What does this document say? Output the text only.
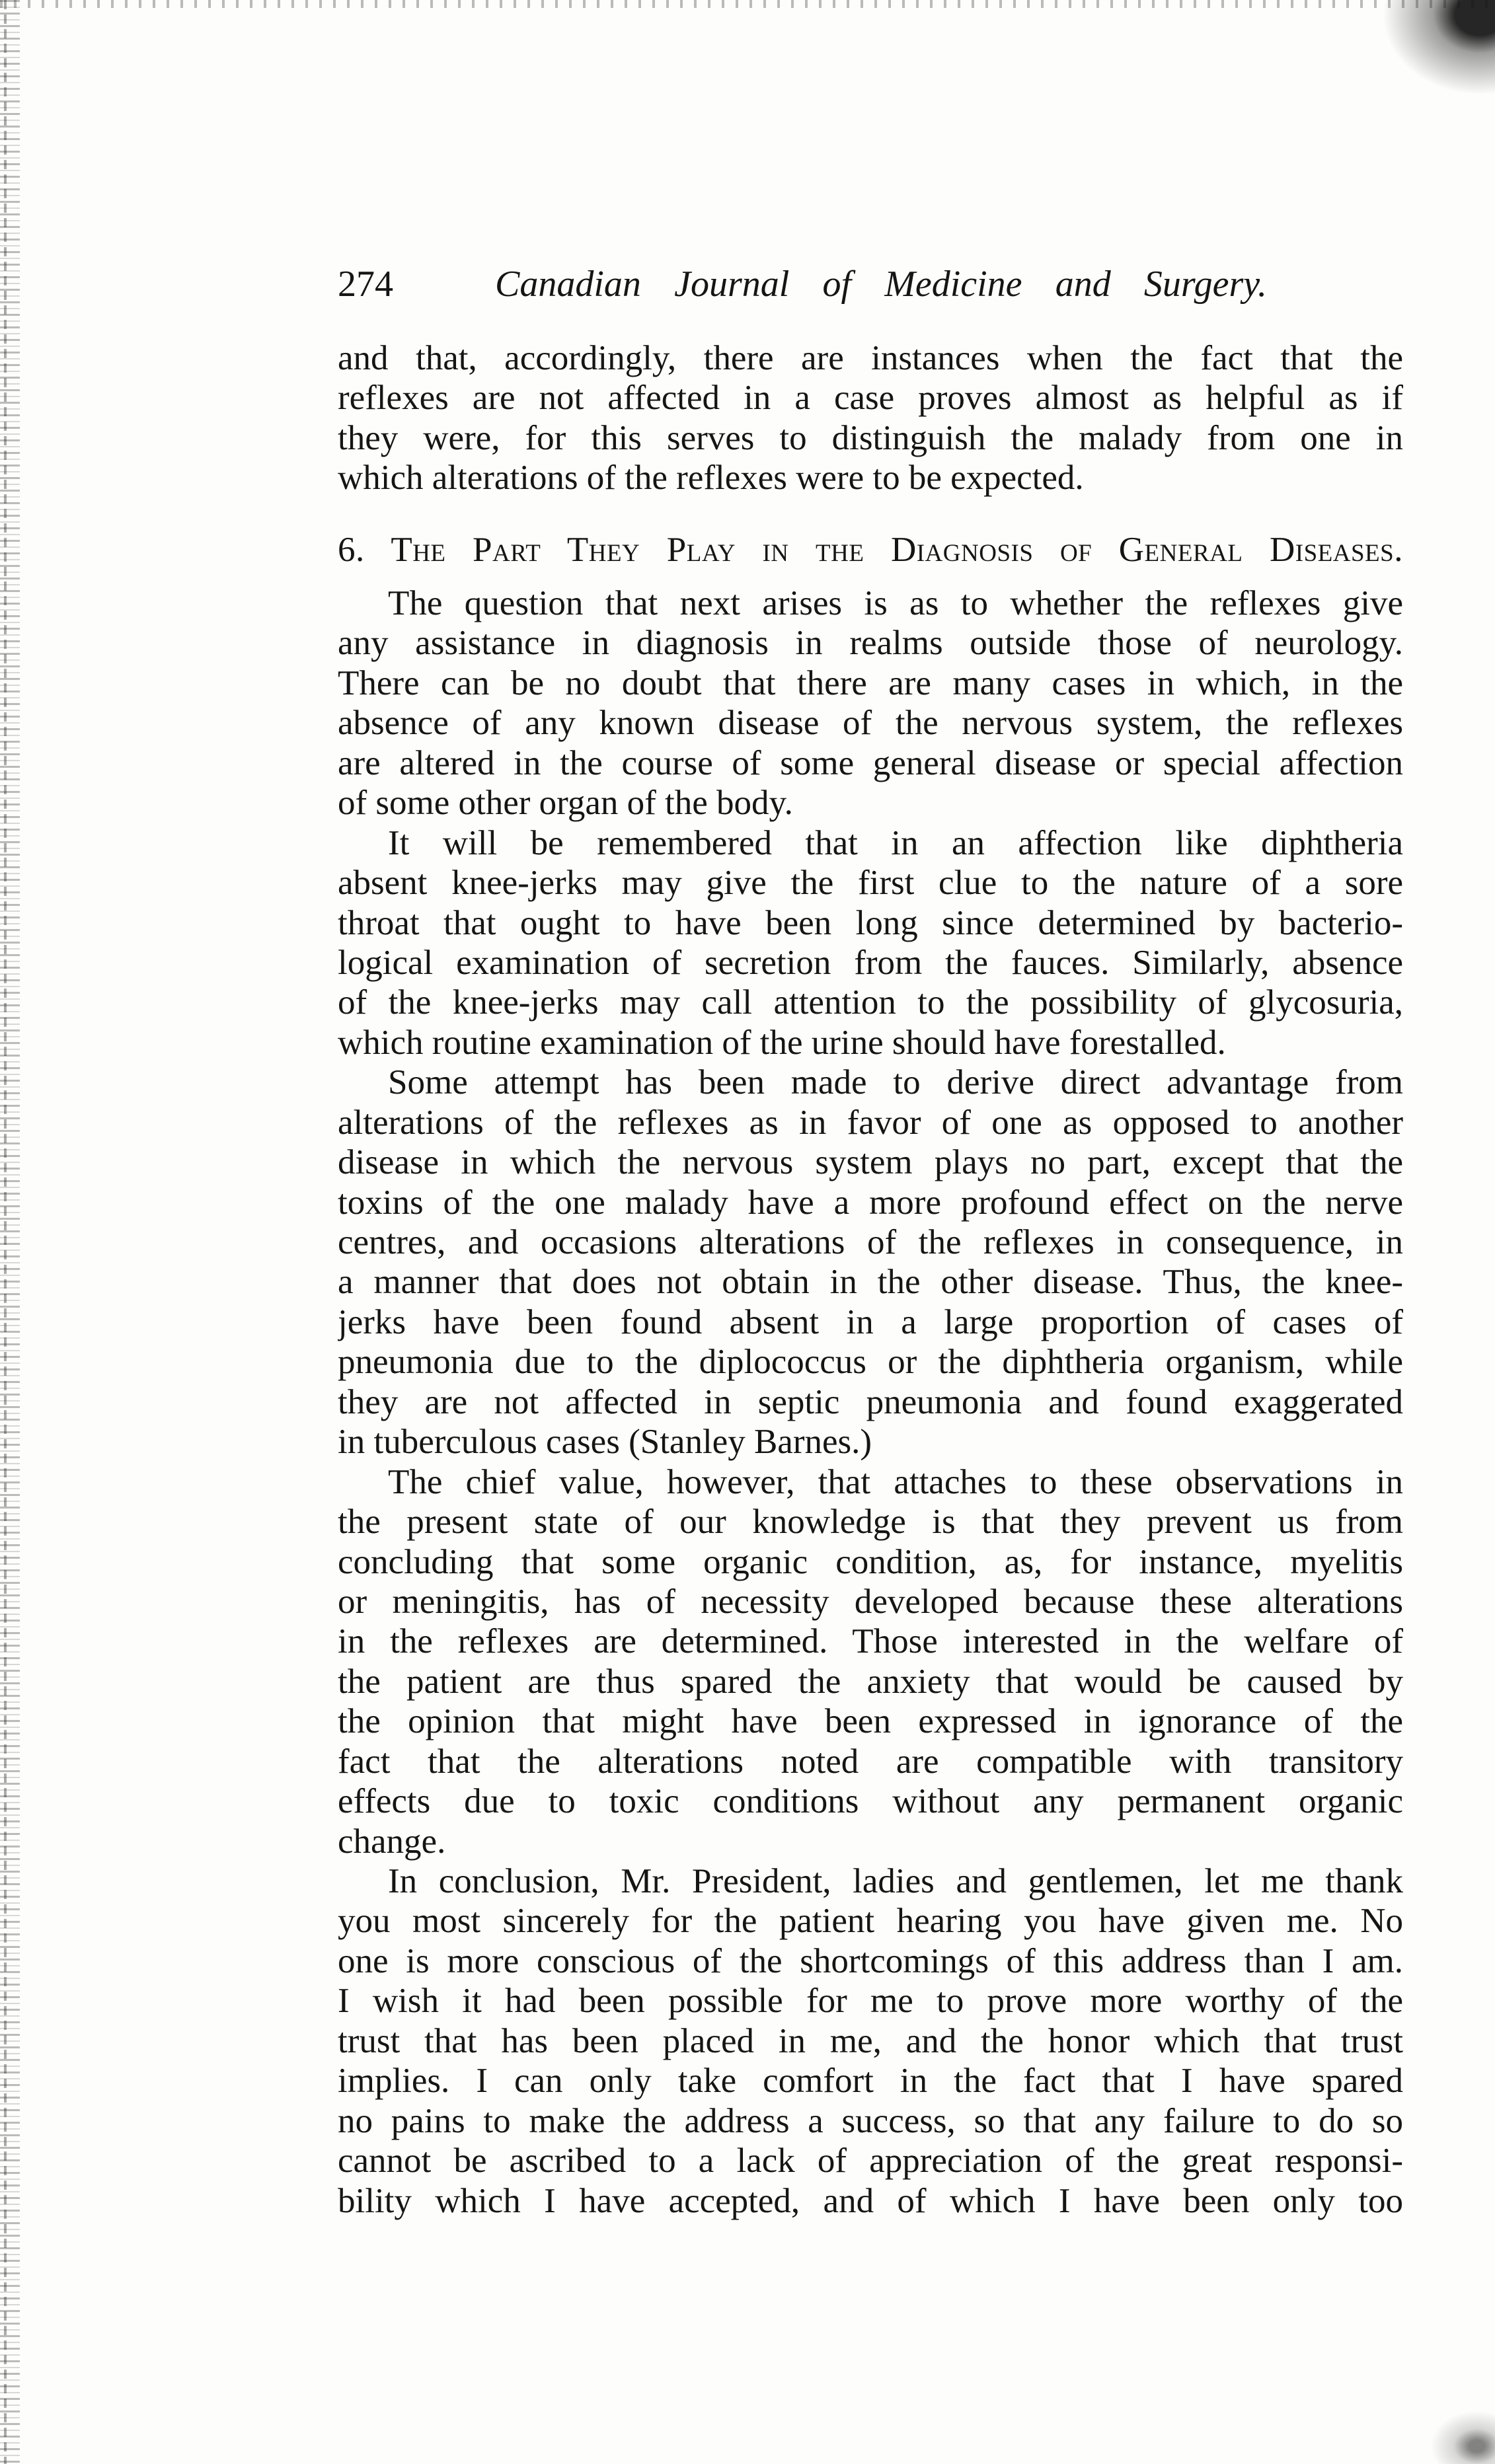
274	Canadian Journal of Medicine and Surgery.
and that, accordingly, there are instances when the fact that the
reflexes are not affected in a case proves almost as helpful as if
they were, for this serves to distinguish the malady from one in
which alterations of the reflexes were to be expected.
6. The Part They Play in the Diagnosis of General Diseases.
The question that next arises is as to whether the reflexes give
any assistance in diagnosis in realms outside those of neurology.
There can be no doubt that there are many cases in which, in the
absence of any known disease of the nervous system, the reflexes
are altered in the course of some general disease or special affection
of some other organ of the body.
It will be remembered that in an affection like diphtheria
absent knee-jerks may give the first clue to the nature of a sore
throat that ought to have been long since determined by bacterio-
logical examination of secretion from the fauces. Similarly, absence
of the knee-jerks may call attention to the possibility of glycosuria,
which routine examination of the urine should have forestalled.
Some attempt has been made to derive direct advantage from
alterations of the reflexes as in favor of one as opposed to another
disease in which the nervous system plays no part, except that the
toxins of the one malady have a more profound effect on the nerve
centres, and occasions alterations of the reflexes in consequence, in
a manner that does not obtain in the other disease. Thus, the knee-
jerks have been found absent in a large proportion of cases of
pneumonia due to the diplococcus or the diphtheria organism, while
they are not affected in septic pneumonia and found exaggerated
in tuberculous cases (Stanley Barnes.)
The chief value, however, that attaches to these observations in
the present state of our knowledge is that they prevent us from
concluding that some organic condition, as, for instance, myelitis
or meningitis, has of necessity developed because these alterations
in the reflexes are determined. Those interested in the welfare of
the patient are thus spared the anxiety that would be caused by
the opinion that might have been expressed in ignorance of the
fact that the alterations noted are compatible with transitory
effects due to toxic conditions without any permanent organic
change.
In conclusion, Mr. President, ladies and gentlemen, let me thank
you most sincerely for the patient hearing you have given me. No
one is more conscious of the shortcomings of this address than I am.
I wish it had been possible for me to prove more worthy of the
trust that has been placed in me, and the honor which that trust
implies. I can only take comfort in the fact that I have spared
no pains to make the address a success, so that any failure to do so
cannot be ascribed to a lack of appreciation of the great responsi-
bility which I have accepted, and of which I have been only too
